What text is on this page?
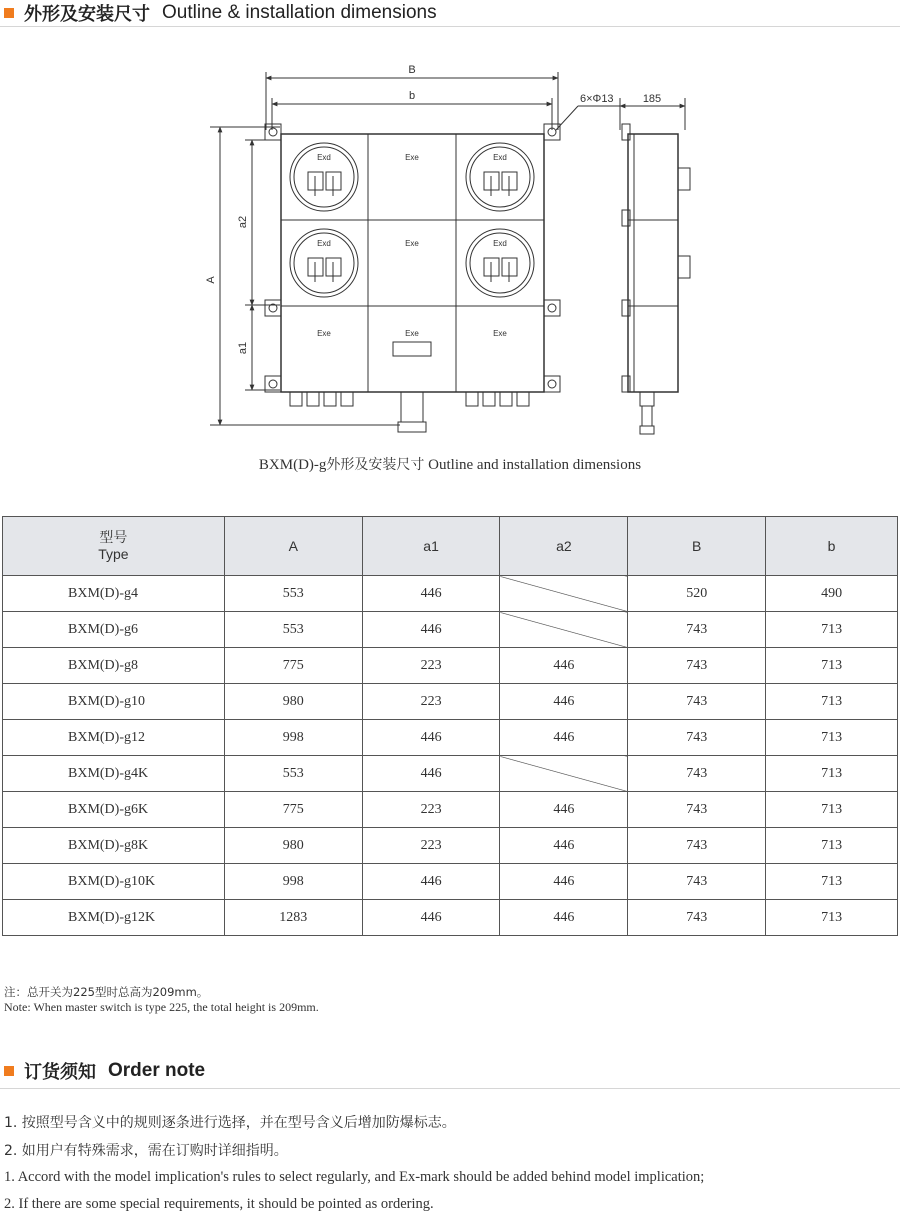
外形及安装尺寸 Outline & installation dimensions
B
b	6×Φ13	185
A
a2
a1
Exd	Exd
Exd	Exd
Exe
Exe
Exe	Exe	Exe
BXM(D)-g外形及安装尺寸 Outline and installation dimensions
型号
Type	A	a1	a2	B	b
BXM(D)-g4	553	446		520	490
BXM(D)-g6	553	446		743	713
BXM(D)-g8	775	223	446	743	713
BXM(D)-g10	980	223	446	743	713
BXM(D)-g12	998	446	446	743	713
BXM(D)-g4K	553	446		743	713
BXM(D)-g6K	775	223	446	743	713
BXM(D)-g8K	980	223	446	743	713
BXM(D)-g10K	998	446	446	743	713
BXM(D)-g12K	1283	446	446	743	713
注：总开关为225型时总高为209mm。
Note: When master switch is type 225, the total height is 209mm.
订货须知 Order note
1. 按照型号含义中的规则逐条进行选择，并在型号含义后增加防爆标志。
2. 如用户有特殊需求，需在订购时详细指明。
1. Accord with the model implication's rules to select regularly, and Ex-mark should be added behind model implication;
2. If there are some special requirements, it should be pointed as ordering.
